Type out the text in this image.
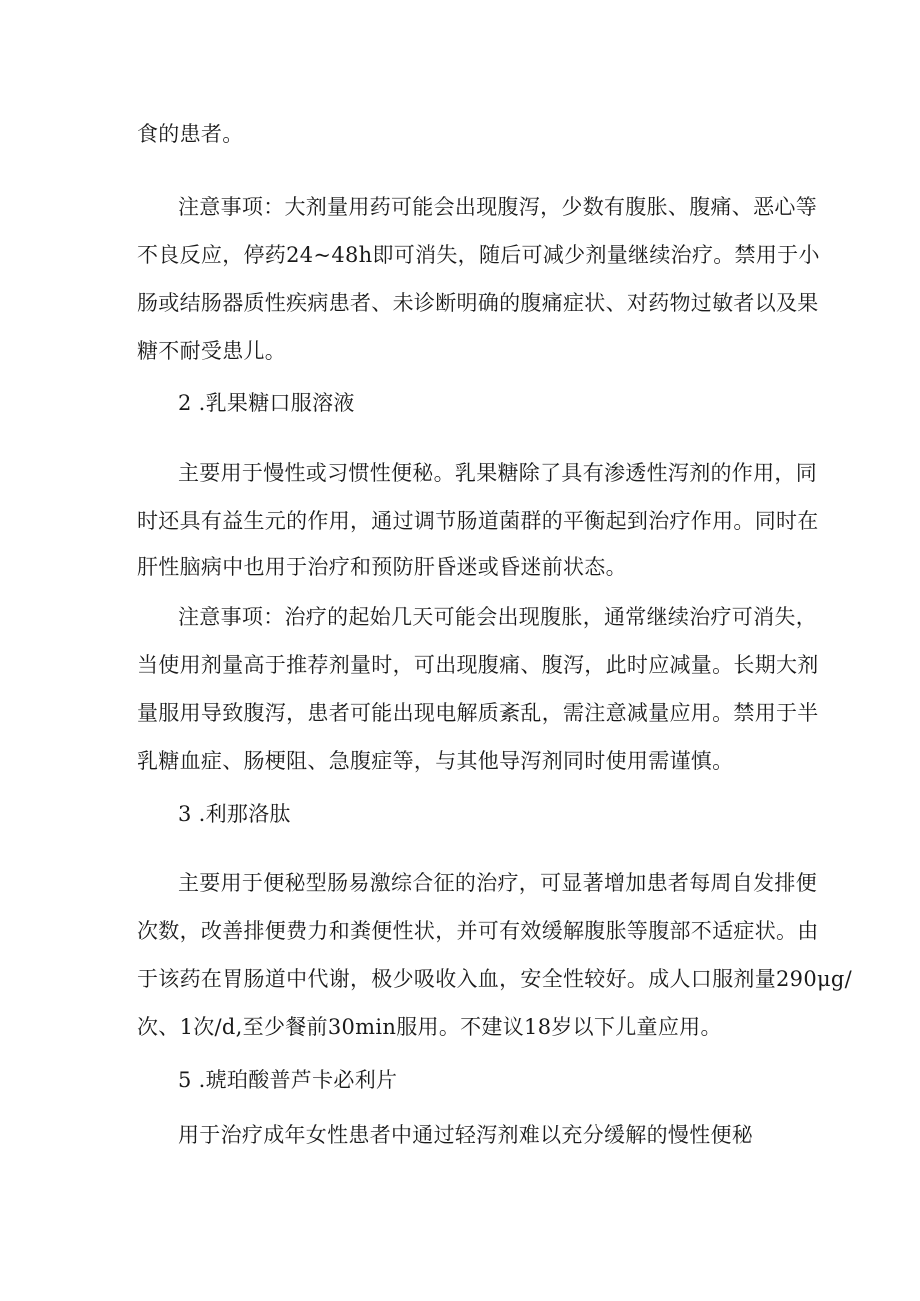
食的患者。
注意事项：大剂量用药可能会出现腹泻，少数有腹胀、腹痛、恶心等
不良反应，停药24~48h即可消失，随后可减少剂量继续治疗。禁用于小
肠或结肠器质性疾病患者、未诊断明确的腹痛症状、对药物过敏者以及果
糖不耐受患儿。
2 .乳果糖口服溶液
主要用于慢性或习惯性便秘。乳果糖除了具有渗透性泻剂的作用，同
时还具有益生元的作用，通过调节肠道菌群的平衡起到治疗作用。同时在
肝性脑病中也用于治疗和预防肝昏迷或昏迷前状态。
注意事项：治疗的起始几天可能会出现腹胀，通常继续治疗可消失，
当使用剂量高于推荐剂量时，可出现腹痛、腹泻，此时应减量。长期大剂
量服用导致腹泻，患者可能出现电解质紊乱，需注意减量应用。禁用于半
乳糖血症、肠梗阻、急腹症等，与其他导泻剂同时使用需谨慎。
3 .利那洛肽
主要用于便秘型肠易激综合征的治疗，可显著增加患者每周自发排便
次数，改善排便费力和粪便性状，并可有效缓解腹胀等腹部不适症状。由
于该药在胃肠道中代谢，极少吸收入血，安全性较好。成人口服剂量290μg/
次、1次/d,至少餐前30min服用。不建议18岁以下儿童应用。
5 .琥珀酸普芦卡必利片
用于治疗成年女性患者中通过轻泻剂难以充分缓解的慢性便秘
